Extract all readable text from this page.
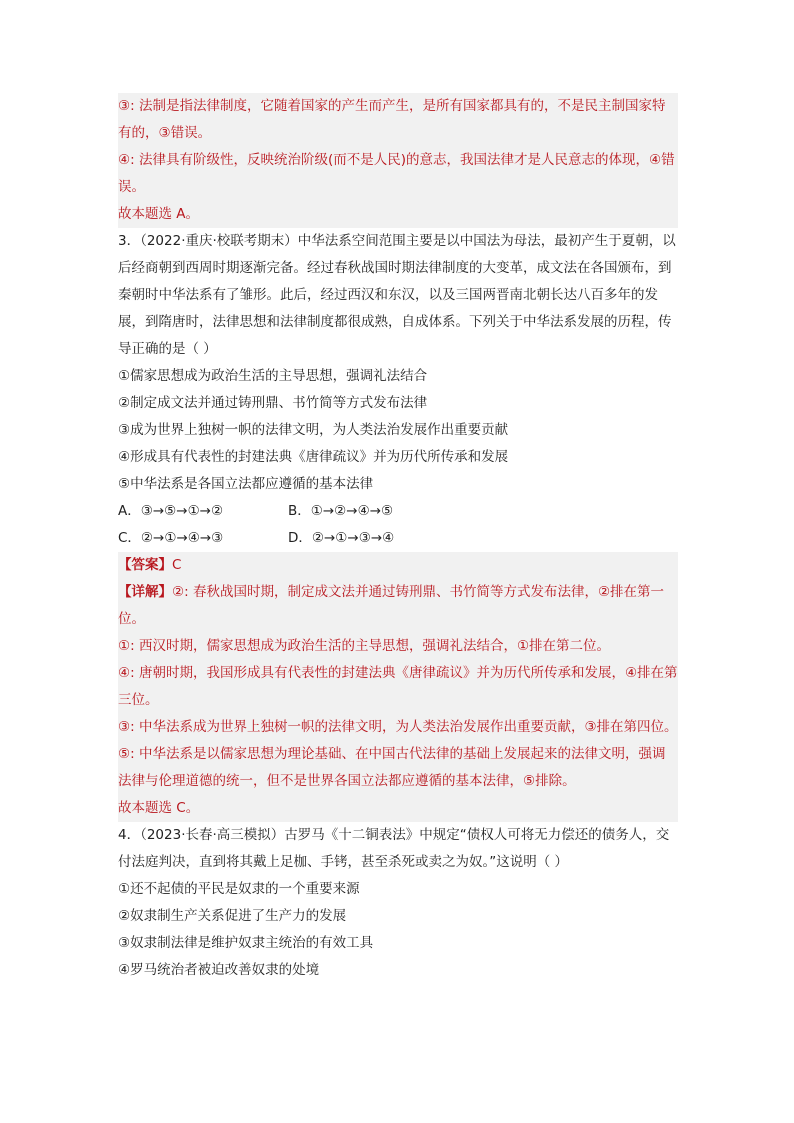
③: 法制是指法律制度，它随着国家的产生而产生，是所有国家都具有的，不是民主制国家特有的，③错误。

④: 法律具有阶级性，反映统治阶级(而不是人民)的意志，我国法律才是人民意志的体现，④错误。

故本题选 A。

3．（2022·重庆·校联考期末）中华法系空间范围主要是以中国法为母法，最初产生于夏朝，以后经商朝到西周时期逐渐完备。经过春秋战国时期法律制度的大变革，成文法在各国颁布，到秦朝时中华法系有了雏形。此后，经过西汉和东汉，以及三国两晋南北朝长达八百多年的发展，到隋唐时，法律思想和法律制度都很成熟，自成体系。下列关于中华法系发展的历程，传导正确的是（ ）

①儒家思想成为政治生活的主导思想，强调礼法结合

②制定成文法并通过铸刑鼎、书竹简等方式发布法律

③成为世界上独树一帜的法律文明，为人类法治发展作出重要贡献

④形成具有代表性的封建法典《唐律疏议》并为历代所传承和发展

⑤中华法系是各国立法都应遵循的基本法律

A．③→⑤→①→②	B．①→②→④→⑤
C．②→①→④→③	D．②→①→③→④

【答案】C

【详解】②: 春秋战国时期，制定成文法并通过铸刑鼎、书竹简等方式发布法律，②排在第一位。

①: 西汉时期，儒家思想成为政治生活的主导思想，强调礼法结合，①排在第二位。

④: 唐朝时期，我国形成具有代表性的封建法典《唐律疏议》并为历代所传承和发展，④排在第三位。

③: 中华法系成为世界上独树一帜的法律文明，为人类法治发展作出重要贡献，③排在第四位。

⑤: 中华法系是以儒家思想为理论基础、在中国古代法律的基础上发展起来的法律文明，强调法律与伦理道德的统一，但不是世界各国立法都应遵循的基本法律，⑤排除。

故本题选 C。

4．（2023·长春·高三模拟）古罗马《十二铜表法》中规定“债权人可将无力偿还的债务人，交付法庭判决，直到将其戴上足枷、手铐，甚至杀死或卖之为奴。”这说明（ ）

①还不起债的平民是奴隶的一个重要来源

②奴隶制生产关系促进了生产力的发展

③奴隶制法律是维护奴隶主统治的有效工具

④罗马统治者被迫改善奴隶的处境
